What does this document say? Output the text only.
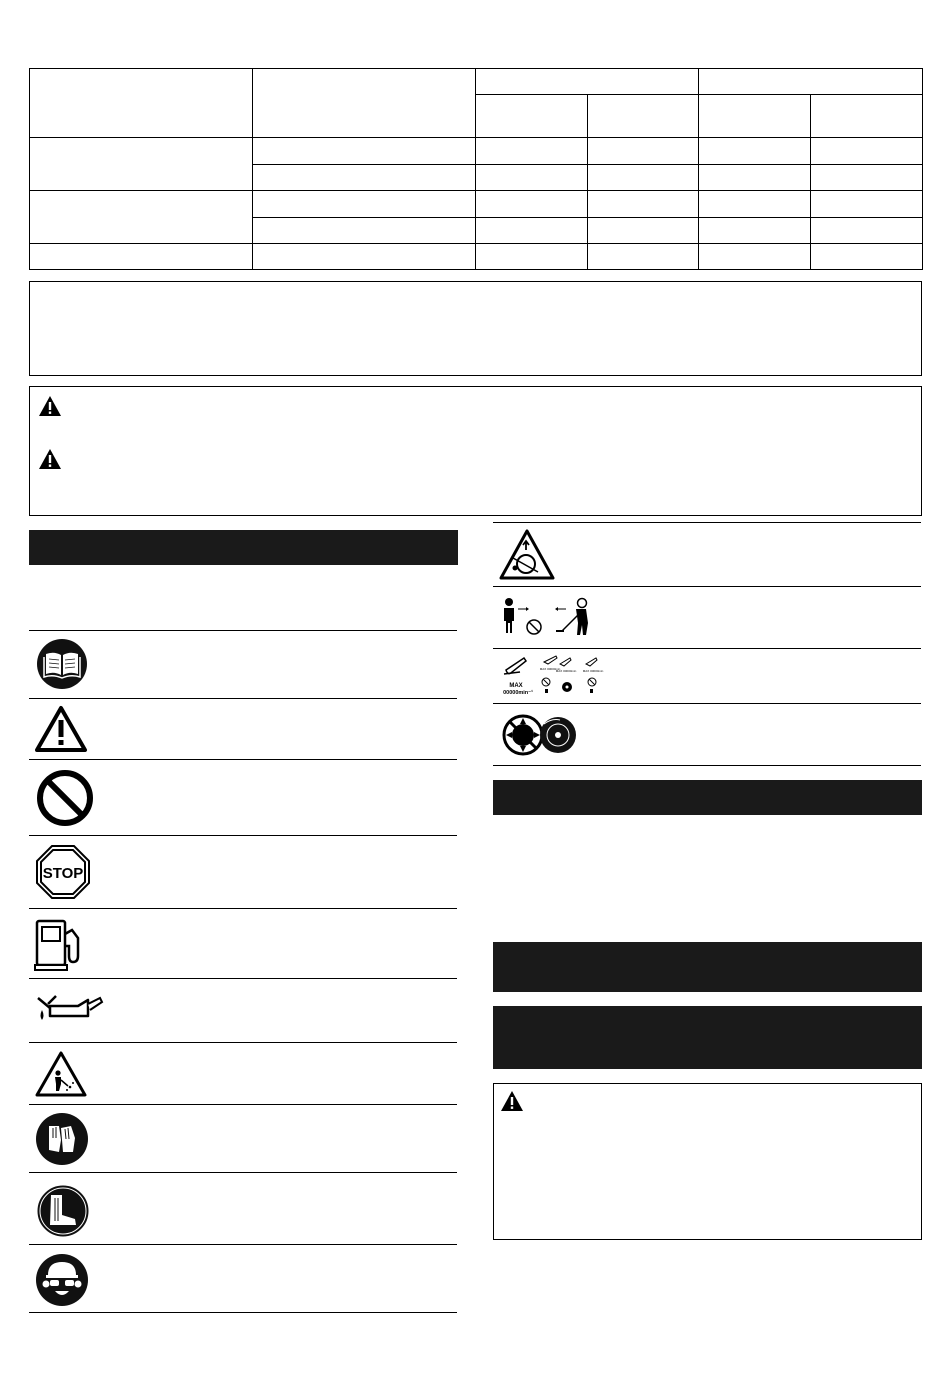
STOP
MAX
00000min⁻¹
MAX 00000min
MAX 00000min MAX 00000min
